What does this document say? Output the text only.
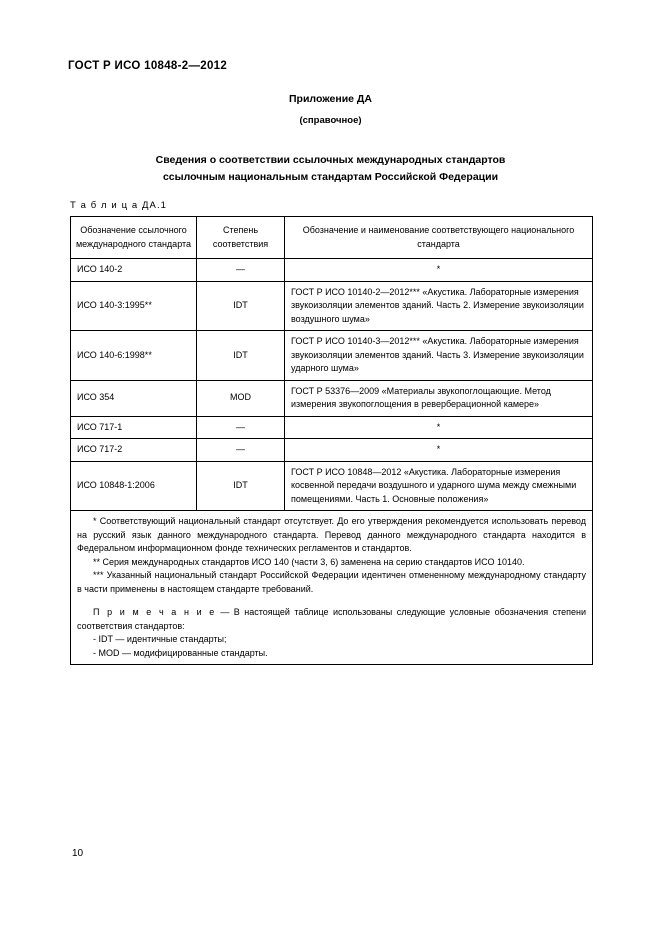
ГОСТ Р ИСО 10848-2—2012
Приложение ДА
(справочное)
Сведения о соответствии ссылочных международных стандартов
ссылочным национальным стандартам Российской Федерации
Т а б л и ц а ДА.1
Обозначение ссылочного международного стандарта	Степень соответствия	Обозначение и наименование соответствующего национального стандарта
ИСО 140-2	—	*
ИСО 140-3:1995**	IDT	ГОСТ Р ИСО 10140-2—2012*** «Акустика. Лабораторные измерения звукоизоляции элементов зданий. Часть 2. Измерение звукоизоляции воздушного шума»
ИСО 140-6:1998**	IDT	ГОСТ Р ИСО 10140-3—2012*** «Акустика. Лабораторные измерения звукоизоляции элементов зданий. Часть 3. Измерение звукоизоляции ударного шума»
ИСО 354	MOD	ГОСТ Р 53376—2009 «Материалы звукопоглощающие. Метод измерения звукопоглощения в реверберационной камере»
ИСО 717-1	—	*
ИСО 717-2	—	*
ИСО 10848-1:2006	IDT	ГОСТ Р ИСО 10848—2012 «Акустика. Лабораторные измерения косвенной передачи воздушного и ударного шума между смежными помещениями. Часть 1. Основные положения»

* Соответствующий национальный стандарт отсутствует. До его утверждения рекомендуется использовать перевод на русский язык данного международного стандарта. Перевод данного международного стандарта находится в Федеральном информационном фонде технических регламентов и стандартов.

** Серия международных стандартов ИСО 140 (части 3, 6) заменена на серию стандартов ИСО 10140.

*** Указанный национальный стандарт Российской Федерации идентичен отмененному международному стандарту в части применены в настоящем стандарте требований.

П р и м е ч а н и е — В настоящей таблице использованы следующие условные обозначения степени соответствия стандартов:

- IDT — идентичные стандарты;

- MOD — модифицированные стандарты.

10
